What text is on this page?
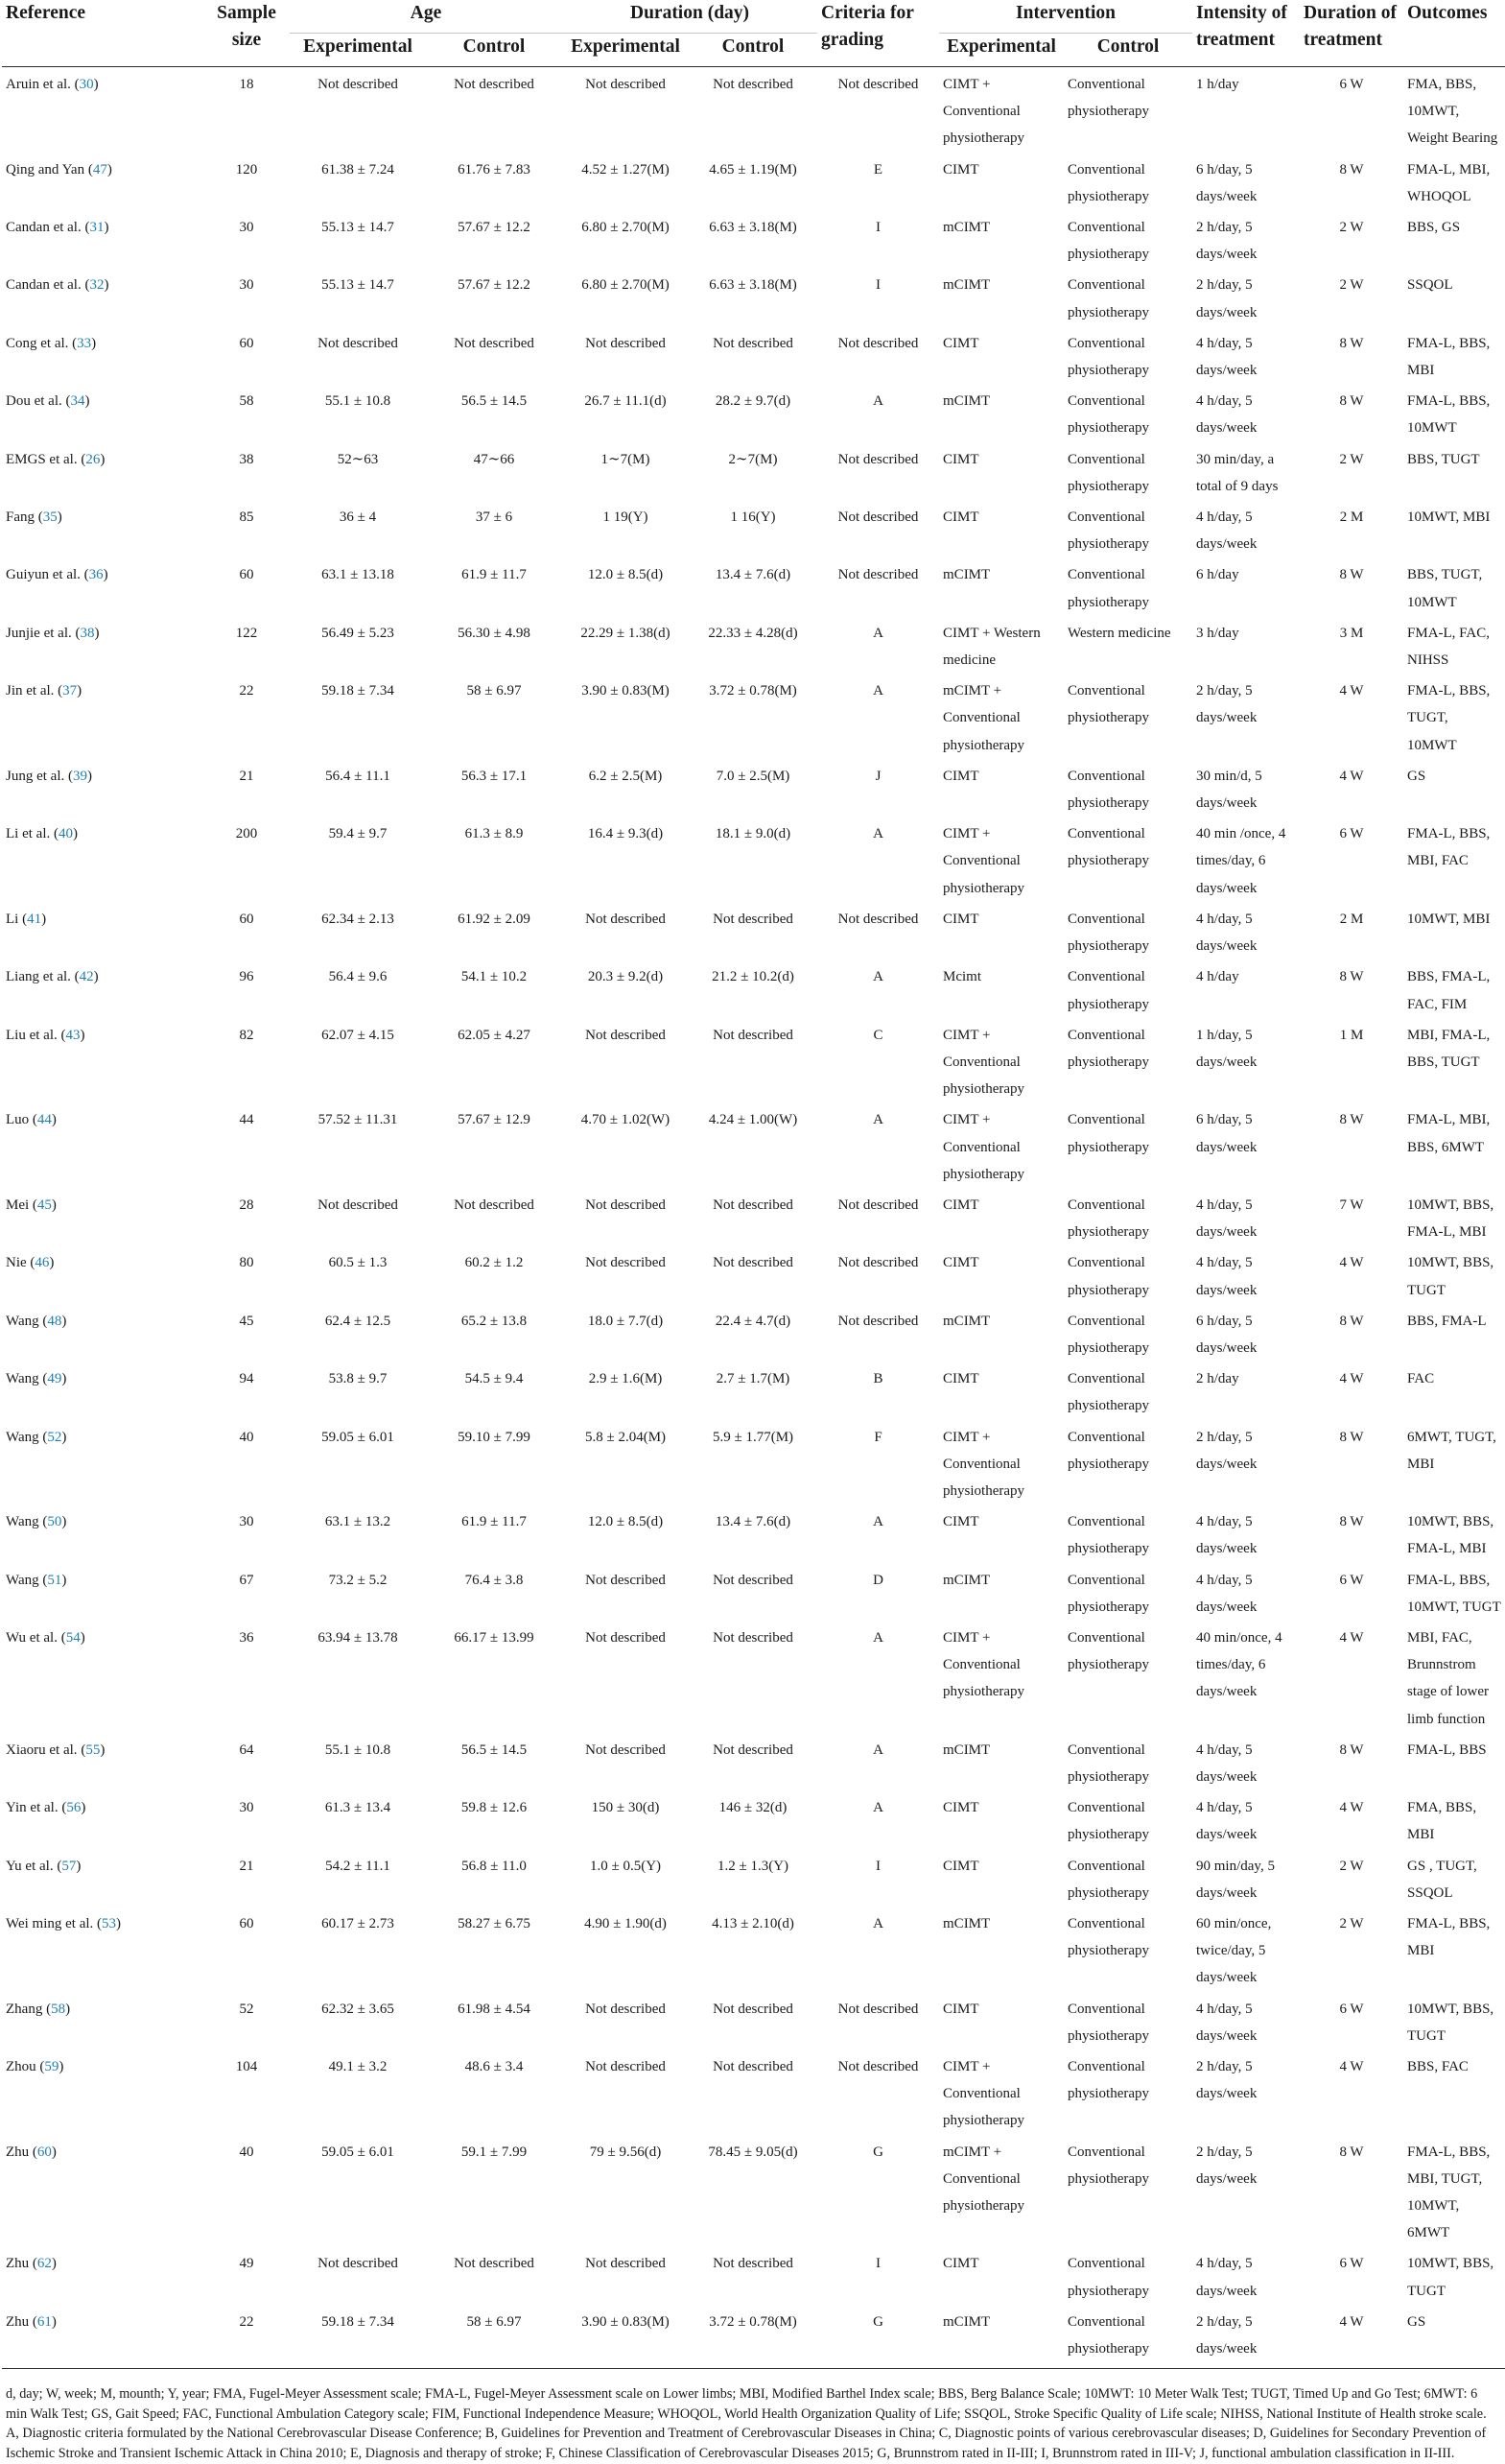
Reference	Sample size	Age		Duration (day)		Criteria for grading	Intervention		Intensity of treatment	Duration of treatment	Outcomes
		Experimental	Control	Experimental	Control		Experimental	Control			
Aruin et al. (30)	18	Not described	Not described	Not described	Not described	Not described	CIMT + Conventional physiotherapy	Conventional physiotherapy	1 h/day	6 W	FMA, BBS, 10MWT, Weight Bearing
Qing and Yan (47)	120	61.38 ± 7.24	61.76 ± 7.83	4.52 ± 1.27(M)	4.65 ± 1.19(M)	E	CIMT	Conventional physiotherapy	6 h/day, 5 days/week	8 W	FMA-L, MBI, WHOQOL
Candan et al. (31)	30	55.13 ± 14.7	57.67 ± 12.2	6.80 ± 2.70(M)	6.63 ± 3.18(M)	I	mCIMT	Conventional physiotherapy	2 h/day, 5 days/week	2 W	BBS, GS
Candan et al. (32)	30	55.13 ± 14.7	57.67 ± 12.2	6.80 ± 2.70(M)	6.63 ± 3.18(M)	I	mCIMT	Conventional physiotherapy	2 h/day, 5 days/week	2 W	SSQOL
Cong et al. (33)	60	Not described	Not described	Not described	Not described	Not described	CIMT	Conventional physiotherapy	4 h/day, 5 days/week	8 W	FMA-L, BBS, MBI
Dou et al. (34)	58	55.1 ± 10.8	56.5 ± 14.5	26.7 ± 11.1(d)	28.2 ± 9.7(d)	A	mCIMT	Conventional physiotherapy	4 h/day, 5 days/week	8 W	FMA-L, BBS, 10MWT
EMGS et al. (26)	38	52∼63	47∼66	1∼7(M)	2∼7(M)	Not described	CIMT	Conventional physiotherapy	30 min/day, a total of 9 days	2 W	BBS, TUGT
Fang (35)	85	36 ± 4	37 ± 6	1 19(Y)	1 16(Y)	Not described	CIMT	Conventional physiotherapy	4 h/day, 5 days/week	2 M	10MWT, MBI
Guiyun et al. (36)	60	63.1 ± 13.18	61.9 ± 11.7	12.0 ± 8.5(d)	13.4 ± 7.6(d)	Not described	mCIMT	Conventional physiotherapy	6 h/day	8 W	BBS, TUGT, 10MWT
Junjie et al. (38)	122	56.49 ± 5.23	56.30 ± 4.98	22.29 ± 1.38(d)	22.33 ± 4.28(d)	A	CIMT + Western medicine	Western medicine	3 h/day	3 M	FMA-L, FAC, NIHSS
Jin et al. (37)	22	59.18 ± 7.34	58 ± 6.97	3.90 ± 0.83(M)	3.72 ± 0.78(M)	A	mCIMT + Conventional physiotherapy	Conventional physiotherapy	2 h/day, 5 days/week	4 W	FMA-L, BBS, TUGT, 10MWT
Jung et al. (39)	21	56.4 ± 11.1	56.3 ± 17.1	6.2 ± 2.5(M)	7.0 ± 2.5(M)	J	CIMT	Conventional physiotherapy	30 min/d, 5 days/week	4 W	GS
Li et al. (40)	200	59.4 ± 9.7	61.3 ± 8.9	16.4 ± 9.3(d)	18.1 ± 9.0(d)	A	CIMT + Conventional physiotherapy	Conventional physiotherapy	40 min /once, 4 times/day, 6 days/week	6 W	FMA-L, BBS, MBI, FAC
Li (41)	60	62.34 ± 2.13	61.92 ± 2.09	Not described	Not described	Not described	CIMT	Conventional physiotherapy	4 h/day, 5 days/week	2 M	10MWT, MBI
Liang et al. (42)	96	56.4 ± 9.6	54.1 ± 10.2	20.3 ± 9.2(d)	21.2 ± 10.2(d)	A	Mcimt	Conventional physiotherapy	4 h/day	8 W	BBS, FMA-L, FAC, FIM
Liu et al. (43)	82	62.07 ± 4.15	62.05 ± 4.27	Not described	Not described	C	CIMT + Conventional physiotherapy	Conventional physiotherapy	1 h/day, 5 days/week	1 M	MBI, FMA-L, BBS, TUGT
Luo (44)	44	57.52 ± 11.31	57.67 ± 12.9	4.70 ± 1.02(W)	4.24 ± 1.00(W)	A	CIMT + Conventional physiotherapy	Conventional physiotherapy	6 h/day, 5 days/week	8 W	FMA-L, MBI, BBS, 6MWT
Mei (45)	28	Not described	Not described	Not described	Not described	Not described	CIMT	Conventional physiotherapy	4 h/day, 5 days/week	7 W	10MWT, BBS, FMA-L, MBI
Nie (46)	80	60.5 ± 1.3	60.2 ± 1.2	Not described	Not described	Not described	CIMT	Conventional physiotherapy	4 h/day, 5 days/week	4 W	10MWT, BBS, TUGT
Wang (48)	45	62.4 ± 12.5	65.2 ± 13.8	18.0 ± 7.7(d)	22.4 ± 4.7(d)	Not described	mCIMT	Conventional physiotherapy	6 h/day, 5 days/week	8 W	BBS, FMA-L
Wang (49)	94	53.8 ± 9.7	54.5 ± 9.4	2.9 ± 1.6(M)	2.7 ± 1.7(M)	B	CIMT	Conventional physiotherapy	2 h/day	4 W	FAC
Wang (52)	40	59.05 ± 6.01	59.10 ± 7.99	5.8 ± 2.04(M)	5.9 ± 1.77(M)	F	CIMT + Conventional physiotherapy	Conventional physiotherapy	2 h/day, 5 days/week	8 W	6MWT, TUGT, MBI
Wang (50)	30	63.1 ± 13.2	61.9 ± 11.7	12.0 ± 8.5(d)	13.4 ± 7.6(d)	A	CIMT	Conventional physiotherapy	4 h/day, 5 days/week	8 W	10MWT, BBS, FMA-L, MBI
Wang (51)	67	73.2 ± 5.2	76.4 ± 3.8	Not described	Not described	D	mCIMT	Conventional physiotherapy	4 h/day, 5 days/week	6 W	FMA-L, BBS, 10MWT, TUGT
Wu et al. (54)	36	63.94 ± 13.78	66.17 ± 13.99	Not described	Not described	A	CIMT + Conventional physiotherapy	Conventional physiotherapy	40 min/once, 4 times/day, 6 days/week	4 W	MBI, FAC, Brunnstrom stage of lower limb function
Xiaoru et al. (55)	64	55.1 ± 10.8	56.5 ± 14.5	Not described	Not described	A	mCIMT	Conventional physiotherapy	4 h/day, 5 days/week	8 W	FMA-L, BBS
Yin et al. (56)	30	61.3 ± 13.4	59.8 ± 12.6	150 ± 30(d)	146 ± 32(d)	A	CIMT	Conventional physiotherapy	4 h/day, 5 days/week	4 W	FMA, BBS, MBI
Yu et al. (57)	21	54.2 ± 11.1	56.8 ± 11.0	1.0 ± 0.5(Y)	1.2 ± 1.3(Y)	I	CIMT	Conventional physiotherapy	90 min/day, 5 days/week	2 W	GS , TUGT, SSQOL
Wei ming et al. (53)	60	60.17 ± 2.73	58.27 ± 6.75	4.90 ± 1.90(d)	4.13 ± 2.10(d)	A	mCIMT	Conventional physiotherapy	60 min/once, twice/day, 5 days/week	2 W	FMA-L, BBS, MBI
Zhang (58)	52	62.32 ± 3.65	61.98 ± 4.54	Not described	Not described	Not described	CIMT	Conventional physiotherapy	4 h/day, 5 days/week	6 W	10MWT, BBS, TUGT
Zhou (59)	104	49.1 ± 3.2	48.6 ± 3.4	Not described	Not described	Not described	CIMT + Conventional physiotherapy	Conventional physiotherapy	2 h/day, 5 days/week	4 W	BBS, FAC
Zhu (60)	40	59.05 ± 6.01	59.1 ± 7.99	79 ± 9.56(d)	78.45 ± 9.05(d)	G	mCIMT + Conventional physiotherapy	Conventional physiotherapy	2 h/day, 5 days/week	8 W	FMA-L, BBS, MBI, TUGT, 10MWT, 6MWT
Zhu (62)	49	Not described	Not described	Not described	Not described	I	CIMT	Conventional physiotherapy	4 h/day, 5 days/week	6 W	10MWT, BBS, TUGT
Zhu (61)	22	59.18 ± 7.34	58 ± 6.97	3.90 ± 0.83(M)	3.72 ± 0.78(M)	G	mCIMT	Conventional physiotherapy	2 h/day, 5 days/week	4 W	GS

d, day; W, week; M, mounth; Y, year; FMA, Fugel-Meyer Assessment scale; FMA-L, Fugel-Meyer Assessment scale on Lower limbs; MBI, Modified Barthel Index scale; BBS, Berg Balance Scale; 10MWT: 10 Meter Walk Test; TUGT, Timed Up and Go Test; 6MWT: 6 min Walk Test; GS, Gait Speed; FAC, Functional Ambulation Category scale; FIM, Functional Independence Measure; WHOQOL, World Health Organization Quality of Life; SSQOL, Stroke Specific Quality of Life scale; NIHSS, National Institute of Health stroke scale.

A, Diagnostic criteria formulated by the National Cerebrovascular Disease Conference; B, Guidelines for Prevention and Treatment of Cerebrovascular Diseases in China; C, Diagnostic points of various cerebrovascular diseases; D, Guidelines for Secondary Prevention of Ischemic Stroke and Transient Ischemic Attack in China 2010; E, Diagnosis and therapy of stroke; F, Chinese Classification of Cerebrovascular Diseases 2015; G, Brunnstrom rated in II-III; I, Brunnstrom rated in III-V; J, functional ambulation classification in II-III.											
